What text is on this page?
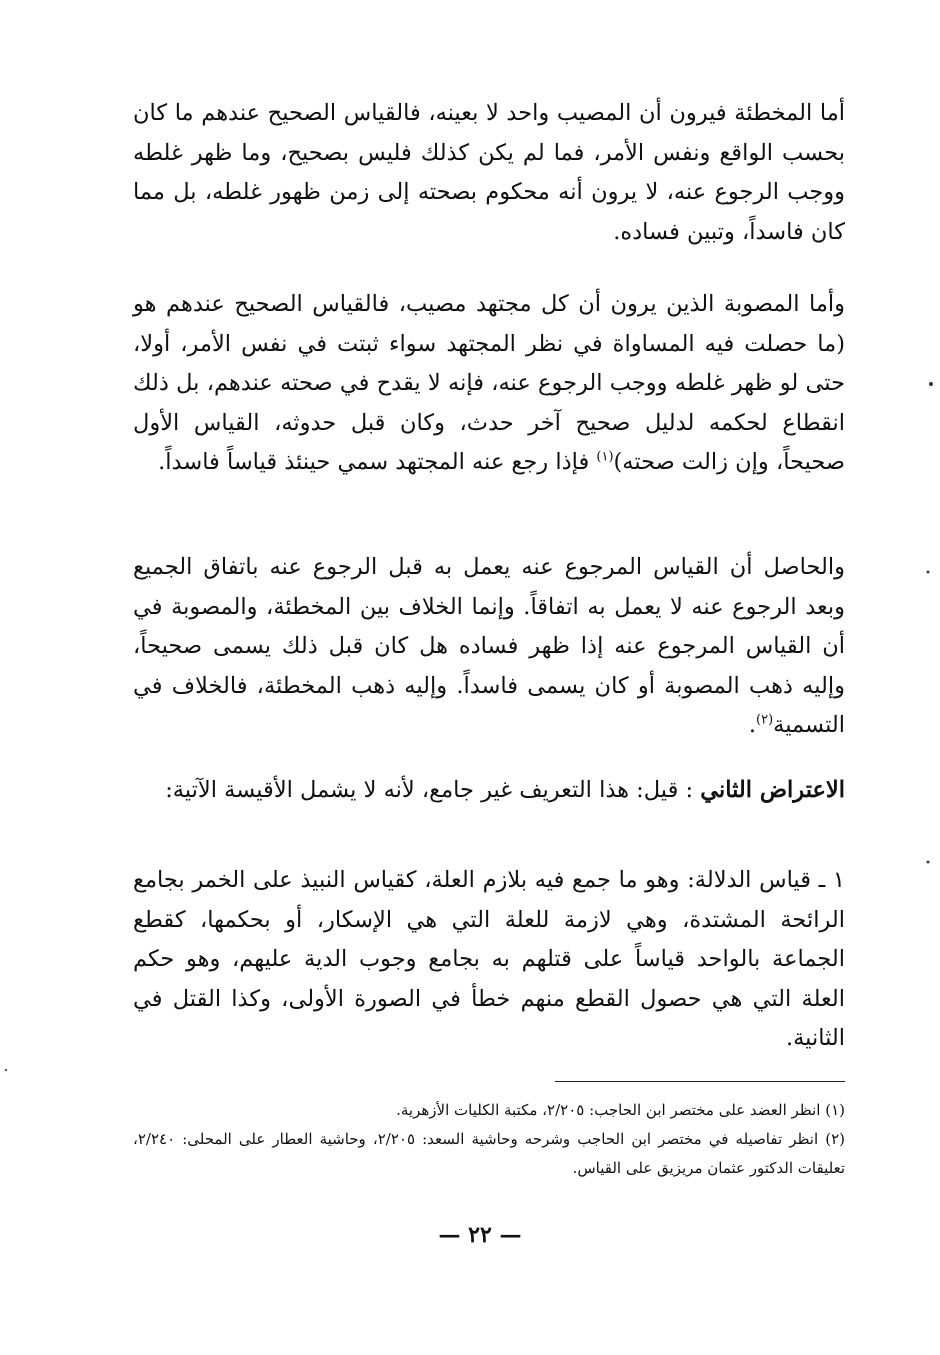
أما المخطئة فيرون أن المصيب واحد لا بعينه، فالقياس الصحيح عندهم ما كان بحسب الواقع ونفس الأمر، فما لم يكن كذلك فليس بصحيح، وما ظهر غلطه ووجب الرجوع عنه، لا يرون أنه محكوم بصحته إلى زمن ظهور غلطه، بل مما كان فاسداً، وتبين فساده.

وأما المصوبة الذين يرون أن كل مجتهد مصيب، فالقياس الصحيح عندهم هو (ما حصلت فيه المساواة في نظر المجتهد سواء ثبتت في نفس الأمر، أولا، حتى لو ظهر غلطه ووجب الرجوع عنه، فإنه لا يقدح في صحته عندهم، بل ذلك انقطاع لحكمه لدليل صحيح آخر حدث، وكان قبل حدوثه، القياس الأول صحيحاً، وإن زالت صحته)$^{(١)}$ فإذا رجع عنه المجتهد سمي حينئذ قياساً فاسداً.

والحاصل أن القياس المرجوع عنه يعمل به قبل الرجوع عنه باتفاق الجميع وبعد الرجوع عنه لا يعمل به اتفاقاً. وإنما الخلاف بين المخطئة، والمصوبة في أن القياس المرجوع عنه إذا ظهر فساده هل كان قبل ذلك يسمى صحيحاً، وإليه ذهب المصوبة أو كان يسمى فاسداً. وإليه ذهب المخطئة، فالخلاف في التسمية$^{(٢)}$.

الاعتراض الثاني : قيل: هذا التعريف غير جامع، لأنه لا يشمل الأقيسة الآتية:

١ ـ قياس الدلالة: وهو ما جمع فيه بلازم العلة، كقياس النبيذ على الخمر بجامع الرائحة المشتدة، وهي لازمة للعلة التي هي الإسكار، أو بحكمها، كقطع الجماعة بالواحد قياساً على قتلهم به بجامع وجوب الدية عليهم، وهو حكم العلة التي هي حصول القطع منهم خطأ في الصورة الأولى، وكذا القتل في الثانية.

(١) انظر العضد على مختصر ابن الحاجب: ٢/٢٠٥، مكتبة الكليات الأزهرية.

(٢) انظر تفاصيله في مختصر ابن الحاجب وشرحه وحاشية السعد: ٢/٢٠٥، وحاشية العطار على المحلى: ٢/٢٤٠، تعليقات الدكتور عثمان مريزيق على القياس.

— ٢٢ —
